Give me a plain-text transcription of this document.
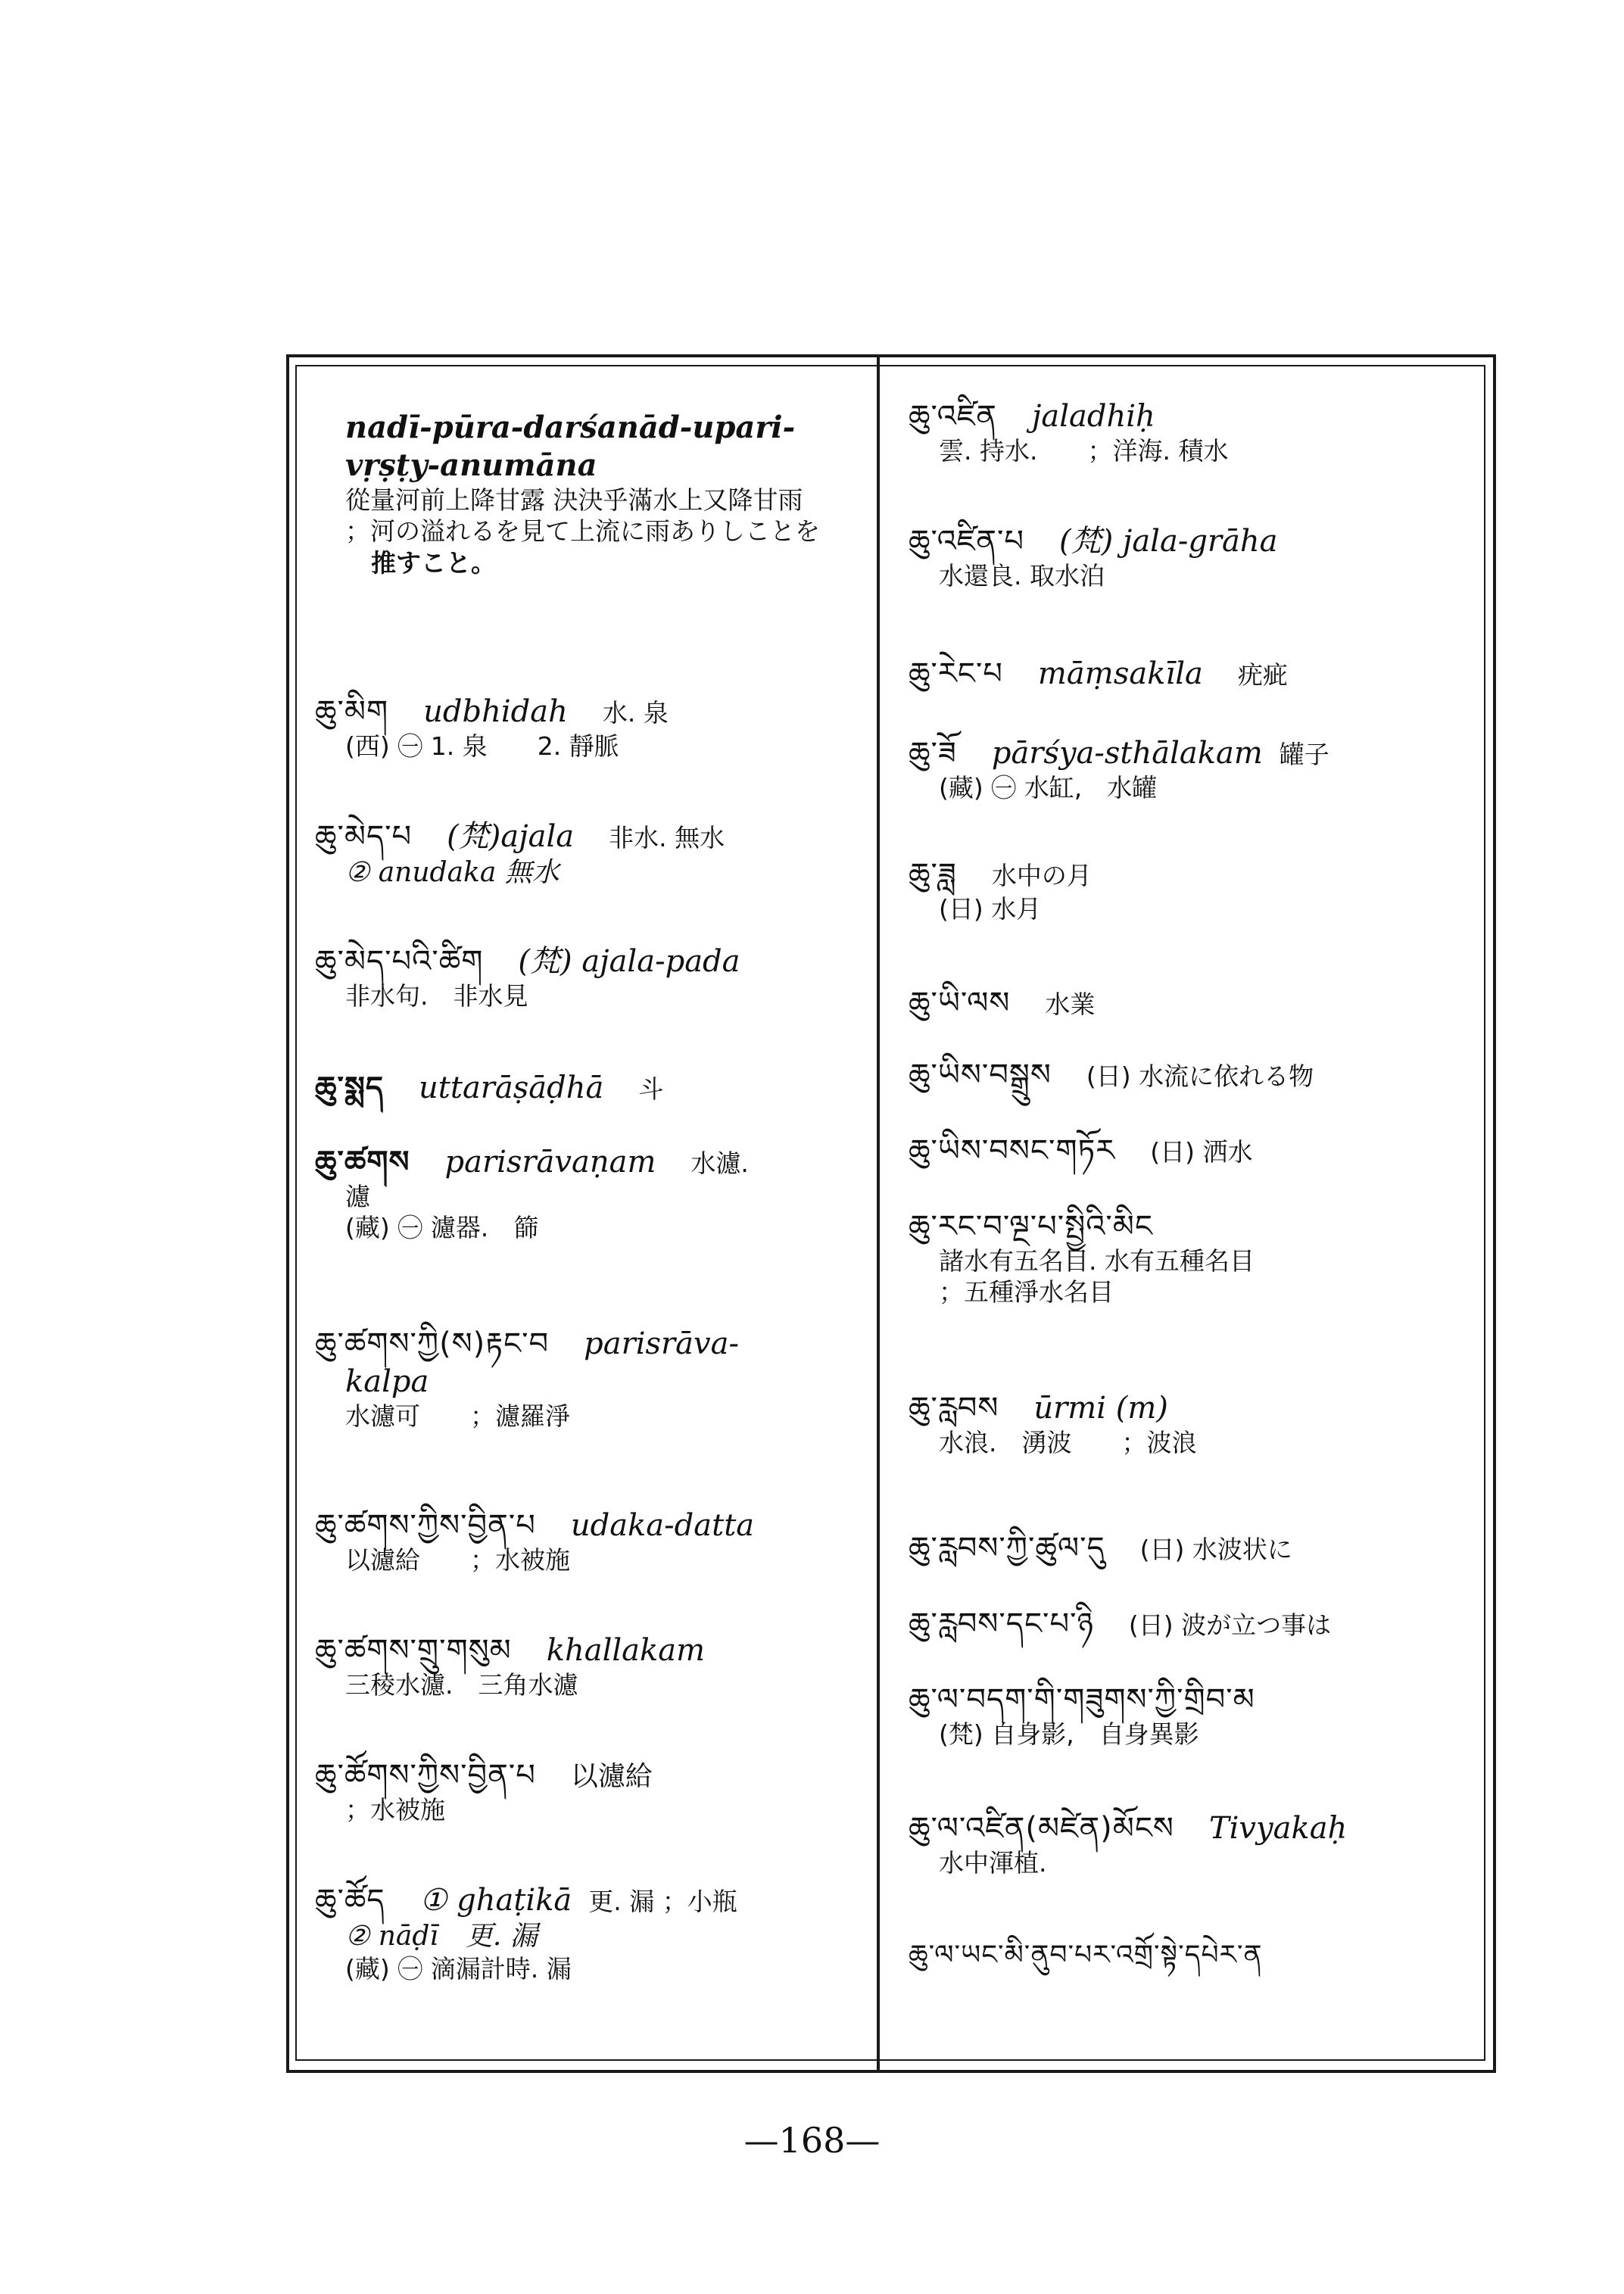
nadī-pūra-darśanād-upari-
vṛṣṭy-anumāna
從量河前上降甘露 決決乎滿水上又降甘雨
；河の溢れるを見て上流に雨ありしことを
推すこと。
ཆུ་མིག udbhidah 水. 泉
(西) ㊀ 1. 泉　　2. 靜脈
ཆུ་མེད་པ (梵)ajala 非水. 無水
② anudaka 無水
ཆུ་མེད་པའི་ཚིག (梵) ajala-pada
非水句.　非水見
ཆུ་སྨད uttarāṣāḍhā 斗
ཆུ་ཚགས parisrāvaṇam 水濾.
濾
(藏) ㊀ 濾器.　篩
ཆུ་ཚགས་ཀྱི(ས)རྟང་བ parisrāva-
kalpa
水濾可　　；濾羅淨
ཆུ་ཚགས་ཀྱིས་བྱིན་པ udaka-datta
以濾給　　；水被施
ཆུ་ཚགས་གྲུ་གསུམ khallakam
三稜水濾.　三角水濾
ཆུ་ཚོགས་ཀྱིས་བྱིན་པ 以濾給
；水被施
ཆུ་ཚོད ① ghaṭikā 更. 漏 ；小瓶
② nāḍī　更. 漏
(藏) ㊀ 滴漏計時. 漏
ཆུ་འཛིན jaladhiḥ
雲. 持水.　　；洋海. 積水
ཆུ་འཛིན་པ (梵) jala-grāha
水還良. 取水泊
ཆུ་རེང་པ māṃsakīla 疣疵
ཆུ་ཟོ pārśya-sthālakam 罐子
(藏) ㊀ 水缸,　水罐
ཆུ་ཟླ 水中の月
(日) 水月
ཆུ་ཡི་ལས 水業
ཆུ་ཡིས་བསྒྲུས (日) 水流に依れる物
ཆུ་ཡིས་བསང་གཏོར (日) 洒水
ཆུ་རང་བ་ལྔ་པ་སྤྱིའི་མིང
諸水有五名目. 水有五種名目
；五種淨水名目
ཆུ་རླབས ūrmi (m)
水浪.　湧波　　；波浪
ཆུ་རླབས་ཀྱི་ཚུལ་དུ (日) 水波状に
ཆུ་རླབས་དང་པ་ཉི (日) 波が立つ事は
ཆུ་ལ་བདག་གི་གཟུགས་ཀྱི་གྲིབ་མ
(梵) 自身影,　自身異影
ཆུ་ལ་འཛིན(མཛེན)མོངས Tivyakaḥ
水中渾植.
ཆུ་ལ་ཡང་མི་ནུབ་པར་འགྲོ་སྟེ་དཔེར་ན
—168—
